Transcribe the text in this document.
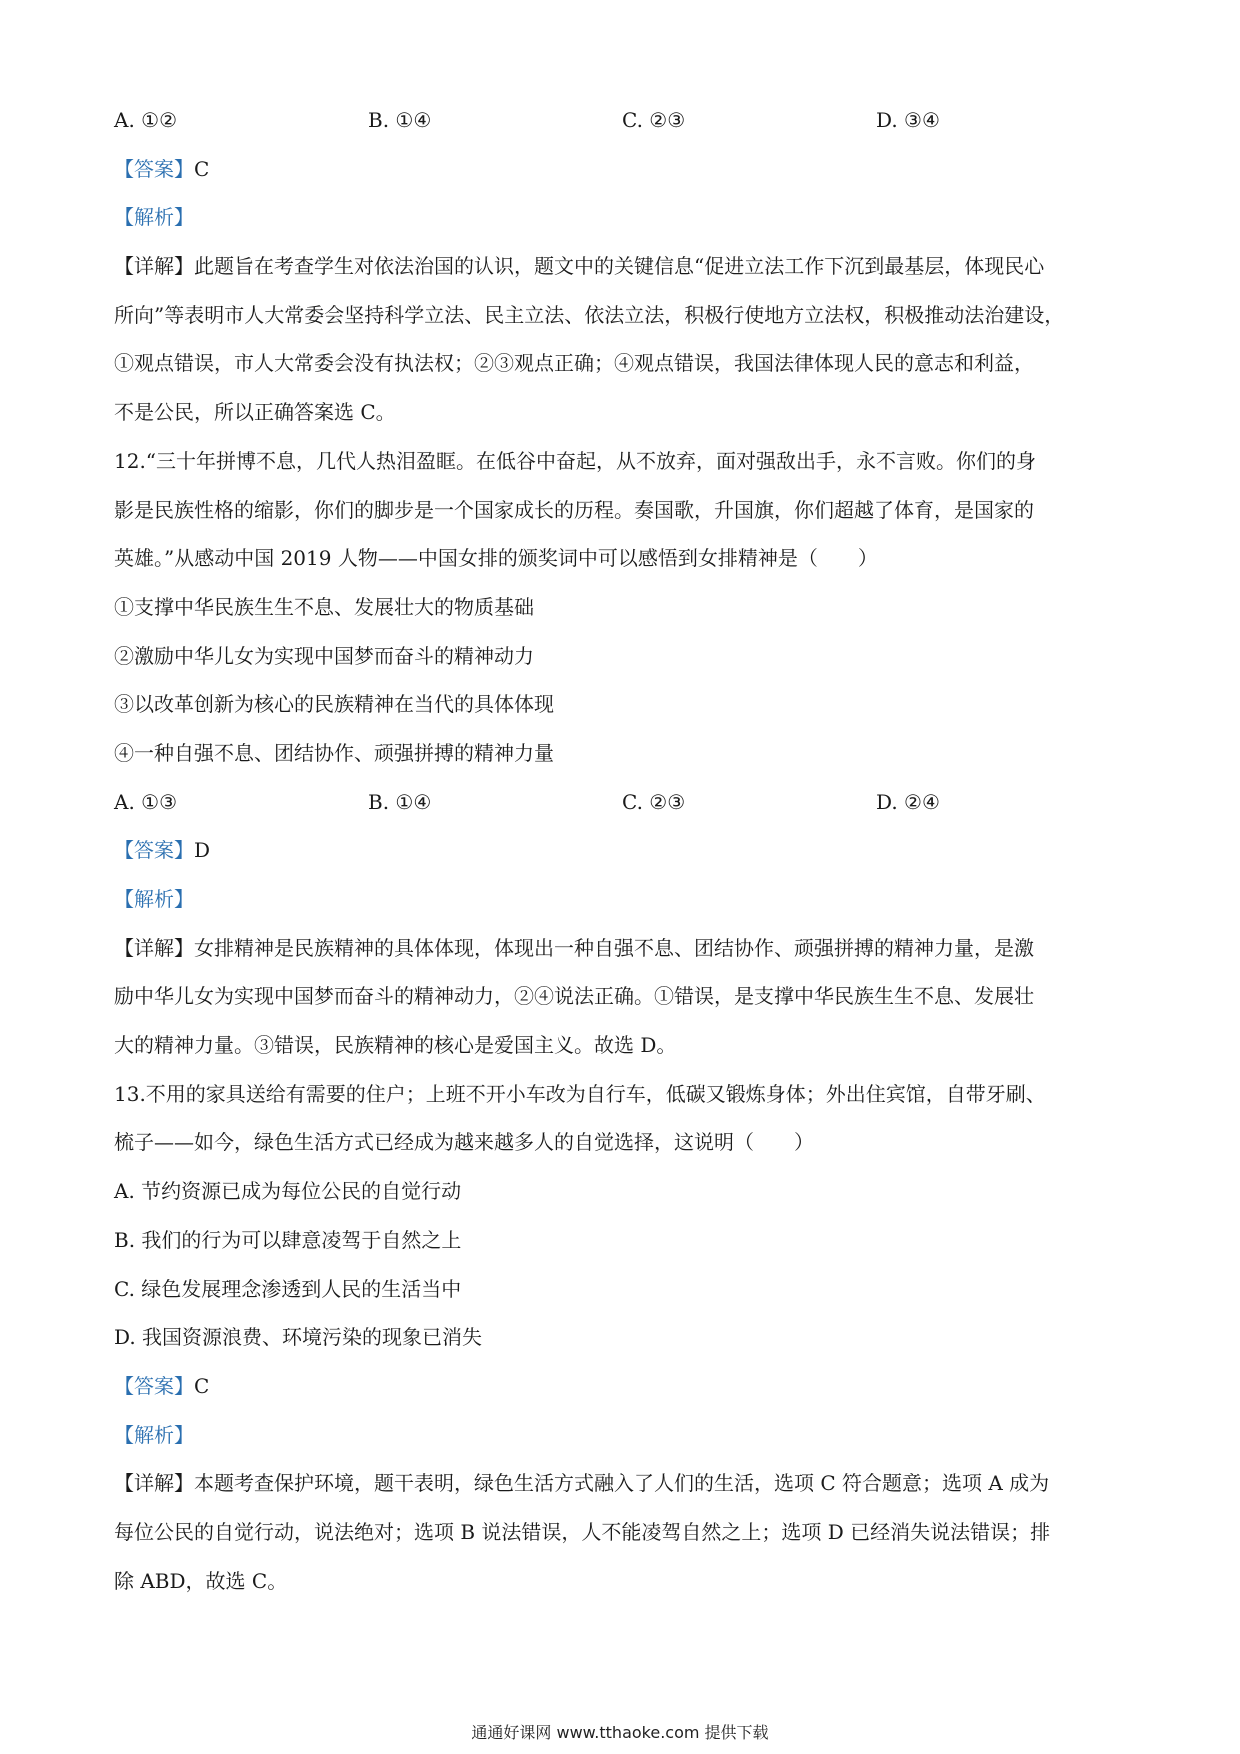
A. ①②	B. ①④	C. ②③	D. ③④
【答案】C
【解析】
【详解】此题旨在考查学生对依法治国的认识，题文中的关键信息“促进立法工作下沉到最基层，体现民心
所向”等表明市人大常委会坚持科学立法、民主立法、依法立法，积极行使地方立法权，积极推动法治建设，
①观点错误，市人大常委会没有执法权；②③观点正确；④观点错误，我国法律体现人民的意志和利益，
不是公民，所以正确答案选 C。
12.“三十年拼博不息，几代人热泪盈眶。在低谷中奋起，从不放弃，面对强敌出手，永不言败。你们的身
影是民族性格的缩影，你们的脚步是一个国家成长的历程。奏国歌，升国旗，你们超越了体育，是国家的
英雄。”从感动中国 2019 人物——中国女排的颁奖词中可以感悟到女排精神是（　　）
①支撑中华民族生生不息、发展壮大的物质基础
②激励中华儿女为实现中国梦而奋斗的精神动力
③以改革创新为核心的民族精神在当代的具体体现
④一种自强不息、团结协作、顽强拼搏的精神力量
A. ①③	B. ①④	C. ②③	D. ②④
【答案】D
【解析】
【详解】女排精神是民族精神的具体体现，体现出一种自强不息、团结协作、顽强拼搏的精神力量，是激
励中华儿女为实现中国梦而奋斗的精神动力，②④说法正确。①错误，是支撑中华民族生生不息、发展壮
大的精神力量。③错误，民族精神的核心是爱国主义。故选 D。
13.不用的家具送给有需要的住户；上班不开小车改为自行车，低碳又锻炼身体；外出住宾馆，自带牙刷、
梳子——如今，绿色生活方式已经成为越来越多人的自觉选择，这说明（　　）
A. 节约资源已成为每位公民的自觉行动
B. 我们的行为可以肆意凌驾于自然之上
C. 绿色发展理念渗透到人民的生活当中
D. 我国资源浪费、环境污染的现象已消失
【答案】C
【解析】
【详解】本题考查保护环境，题干表明，绿色生活方式融入了人们的生活，选项 C 符合题意；选项 A 成为
每位公民的自觉行动，说法绝对；选项 B 说法错误，人不能凌驾自然之上；选项 D 已经消失说法错误；排
除 ABD，故选 C。
通通好课网 www.tthaoke.com 提供下载
